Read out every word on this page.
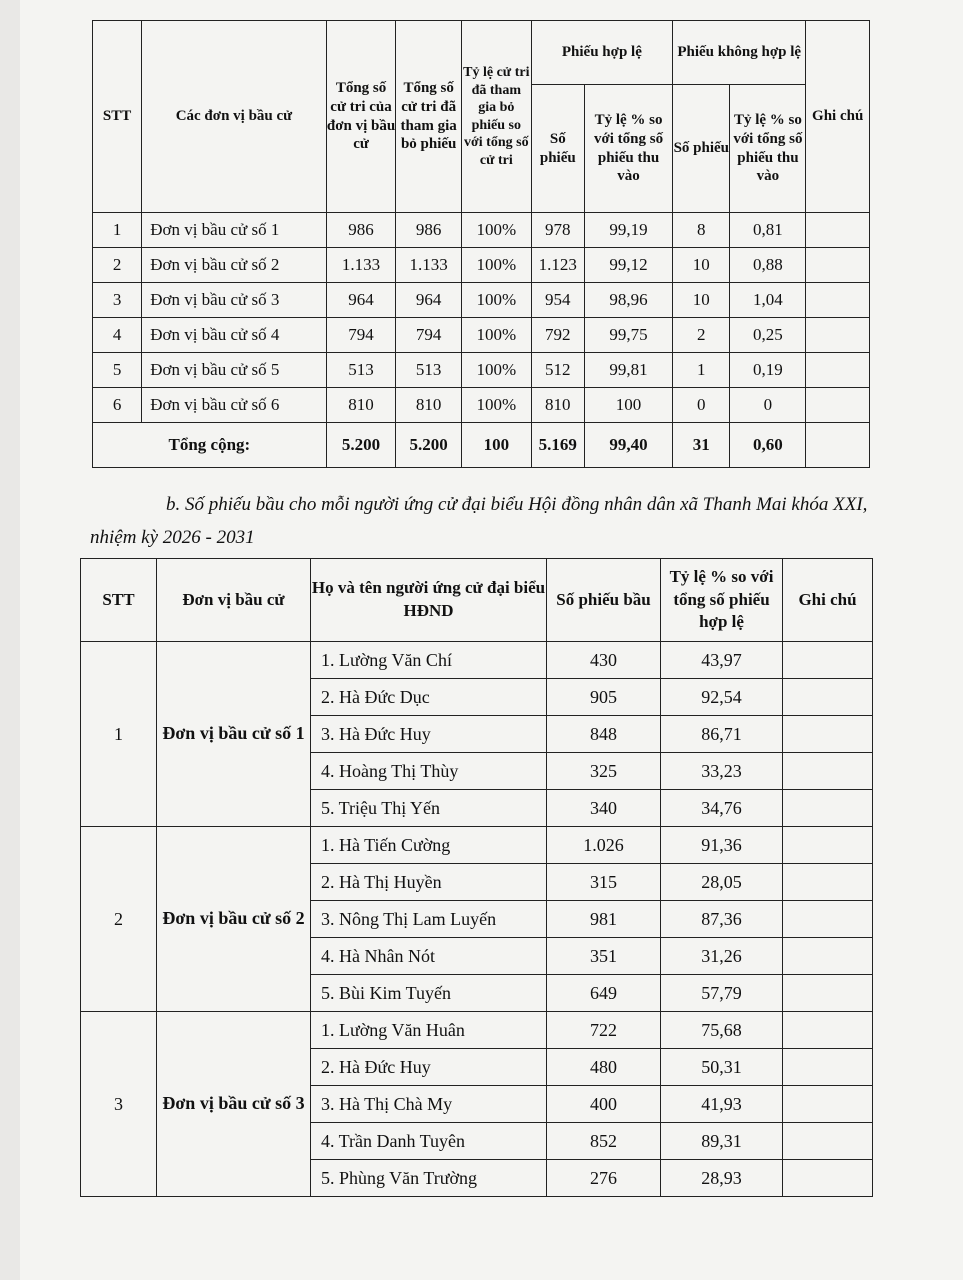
STT	Các đơn vị bầu cử	Tổng số cử tri của đơn vị bầu cử	Tổng số cử tri đã tham gia bỏ phiếu	Tỷ lệ cử tri đã tham gia bỏ phiếu so với tổng số cử tri	Phiếu hợp lệ		Phiếu không hợp lệ		Ghi chú
					Số phiếu	Tỷ lệ % so với tổng số phiếu thu vào	Số phiếu	Tỷ lệ % so với tổng số phiếu thu vào	
1	Đơn vị bầu cử số 1	986	986	100%	978	99,19	8	0,81	
2	Đơn vị bầu cử số 2	1.133	1.133	100%	1.123	99,12	10	0,88	
3	Đơn vị bầu cử số 3	964	964	100%	954	98,96	10	1,04	
4	Đơn vị bầu cử số 4	794	794	100%	792	99,75	2	0,25	
5	Đơn vị bầu cử số 5	513	513	100%	512	99,81	1	0,19	
6	Đơn vị bầu cử số 6	810	810	100%	810	100	0	0	
Tổng cộng:		5.200	5.200	100	5.169	99,40	31	0,60	
b. Số phiếu bầu cho mỗi người ứng cử đại biểu Hội đồng nhân dân xã Thanh Mai khóa XXI, nhiệm kỳ 2026 - 2031
STT	Đơn vị bầu cử	Họ và tên người ứng cử đại biểu HĐND	Số phiếu bầu	Tỷ lệ % so với tổng số phiếu hợp lệ	Ghi chú
1	Đơn vị bầu cử số 1	1. Lường Văn Chí	430	43,97	
		2. Hà Đức Dục	905	92,54	
		3. Hà Đức Huy	848	86,71	
		4. Hoàng Thị Thùy	325	33,23	
		5. Triệu Thị Yến	340	34,76	
2	Đơn vị bầu cử số 2	1. Hà Tiến Cường	1.026	91,36	
		2. Hà Thị Huyền	315	28,05	
		3. Nông Thị Lam Luyến	981	87,36	
		4. Hà Nhân Nót	351	31,26	
		5. Bùi Kim Tuyến	649	57,79	
3	Đơn vị bầu cử số 3	1. Lường Văn Huân	722	75,68	
		2. Hà Đức Huy	480	50,31	
		3. Hà Thị Chà My	400	41,93	
		4. Trần Danh Tuyên	852	89,31	
		5. Phùng Văn Trường	276	28,93	
